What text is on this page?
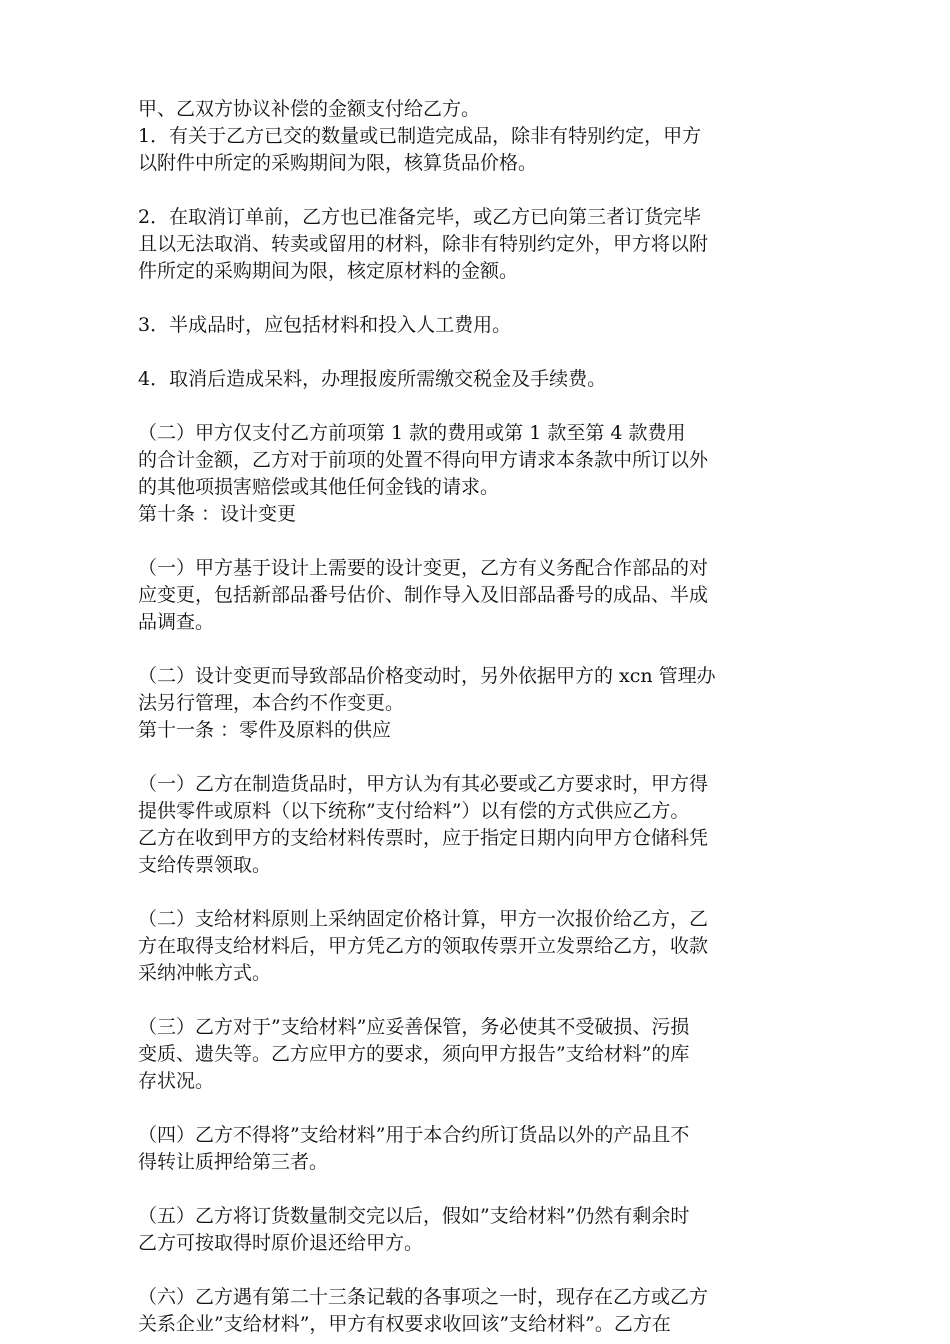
甲、乙双方协议补偿的金额支付给乙方。
1．有关于乙方已交的数量或已制造完成品，除非有特别约定，甲方
以附件中所定的采购期间为限，核算货品价格。
2．在取消订单前，乙方也已准备完毕，或乙方已向第三者订货完毕
且以无法取消、转卖或留用的材料，除非有特别约定外，甲方将以附
件所定的采购期间为限，核定原材料的金额。
3．半成品时，应包括材料和投入人工费用。
4．取消后造成呆料，办理报废所需缴交税金及手续费。
（二）甲方仅支付乙方前项第 1 款的费用或第 1 款至第 4 款费用
的合计金额，乙方对于前项的处置不得向甲方请求本条款中所订以外
的其他项损害赔偿或其他任何金钱的请求。
第十条 ：设计变更
（一）甲方基于设计上需要的设计变更，乙方有义务配合作部品的对
应变更，包括新部品番号估价、制作导入及旧部品番号的成品、半成
品调查。
（二）设计变更而导致部品价格变动时，另外依据甲方的 xcn 管理办
法另行管理，本合约不作变更。
第十一条 ：零件及原料的供应
（一）乙方在制造货品时，甲方认为有其必要或乙方要求时，甲方得
提供零件或原料（以下统称”支付给料”）以有偿的方式供应乙方。
乙方在收到甲方的支给材料传票时，应于指定日期内向甲方仓储科凭
支给传票领取。
（二）支给材料原则上采纳固定价格计算，甲方一次报价给乙方，乙
方在取得支给材料后，甲方凭乙方的领取传票开立发票给乙方，收款
采纳冲帐方式。
（三）乙方对于”支给材料”应妥善保管，务必使其不受破损、污损
变质、遗失等。乙方应甲方的要求，须向甲方报告”支给材料”的库
存状况。
（四）乙方不得将”支给材料”用于本合约所订货品以外的产品且不
得转让质押给第三者。
（五）乙方将订货数量制交完以后，假如”支给材料”仍然有剩余时
乙方可按取得时原价退还给甲方。
（六）乙方遇有第二十三条记载的各事项之一时，现存在乙方或乙方
关系企业”支给材料”，甲方有权要求收回该”支给材料”。乙方在
